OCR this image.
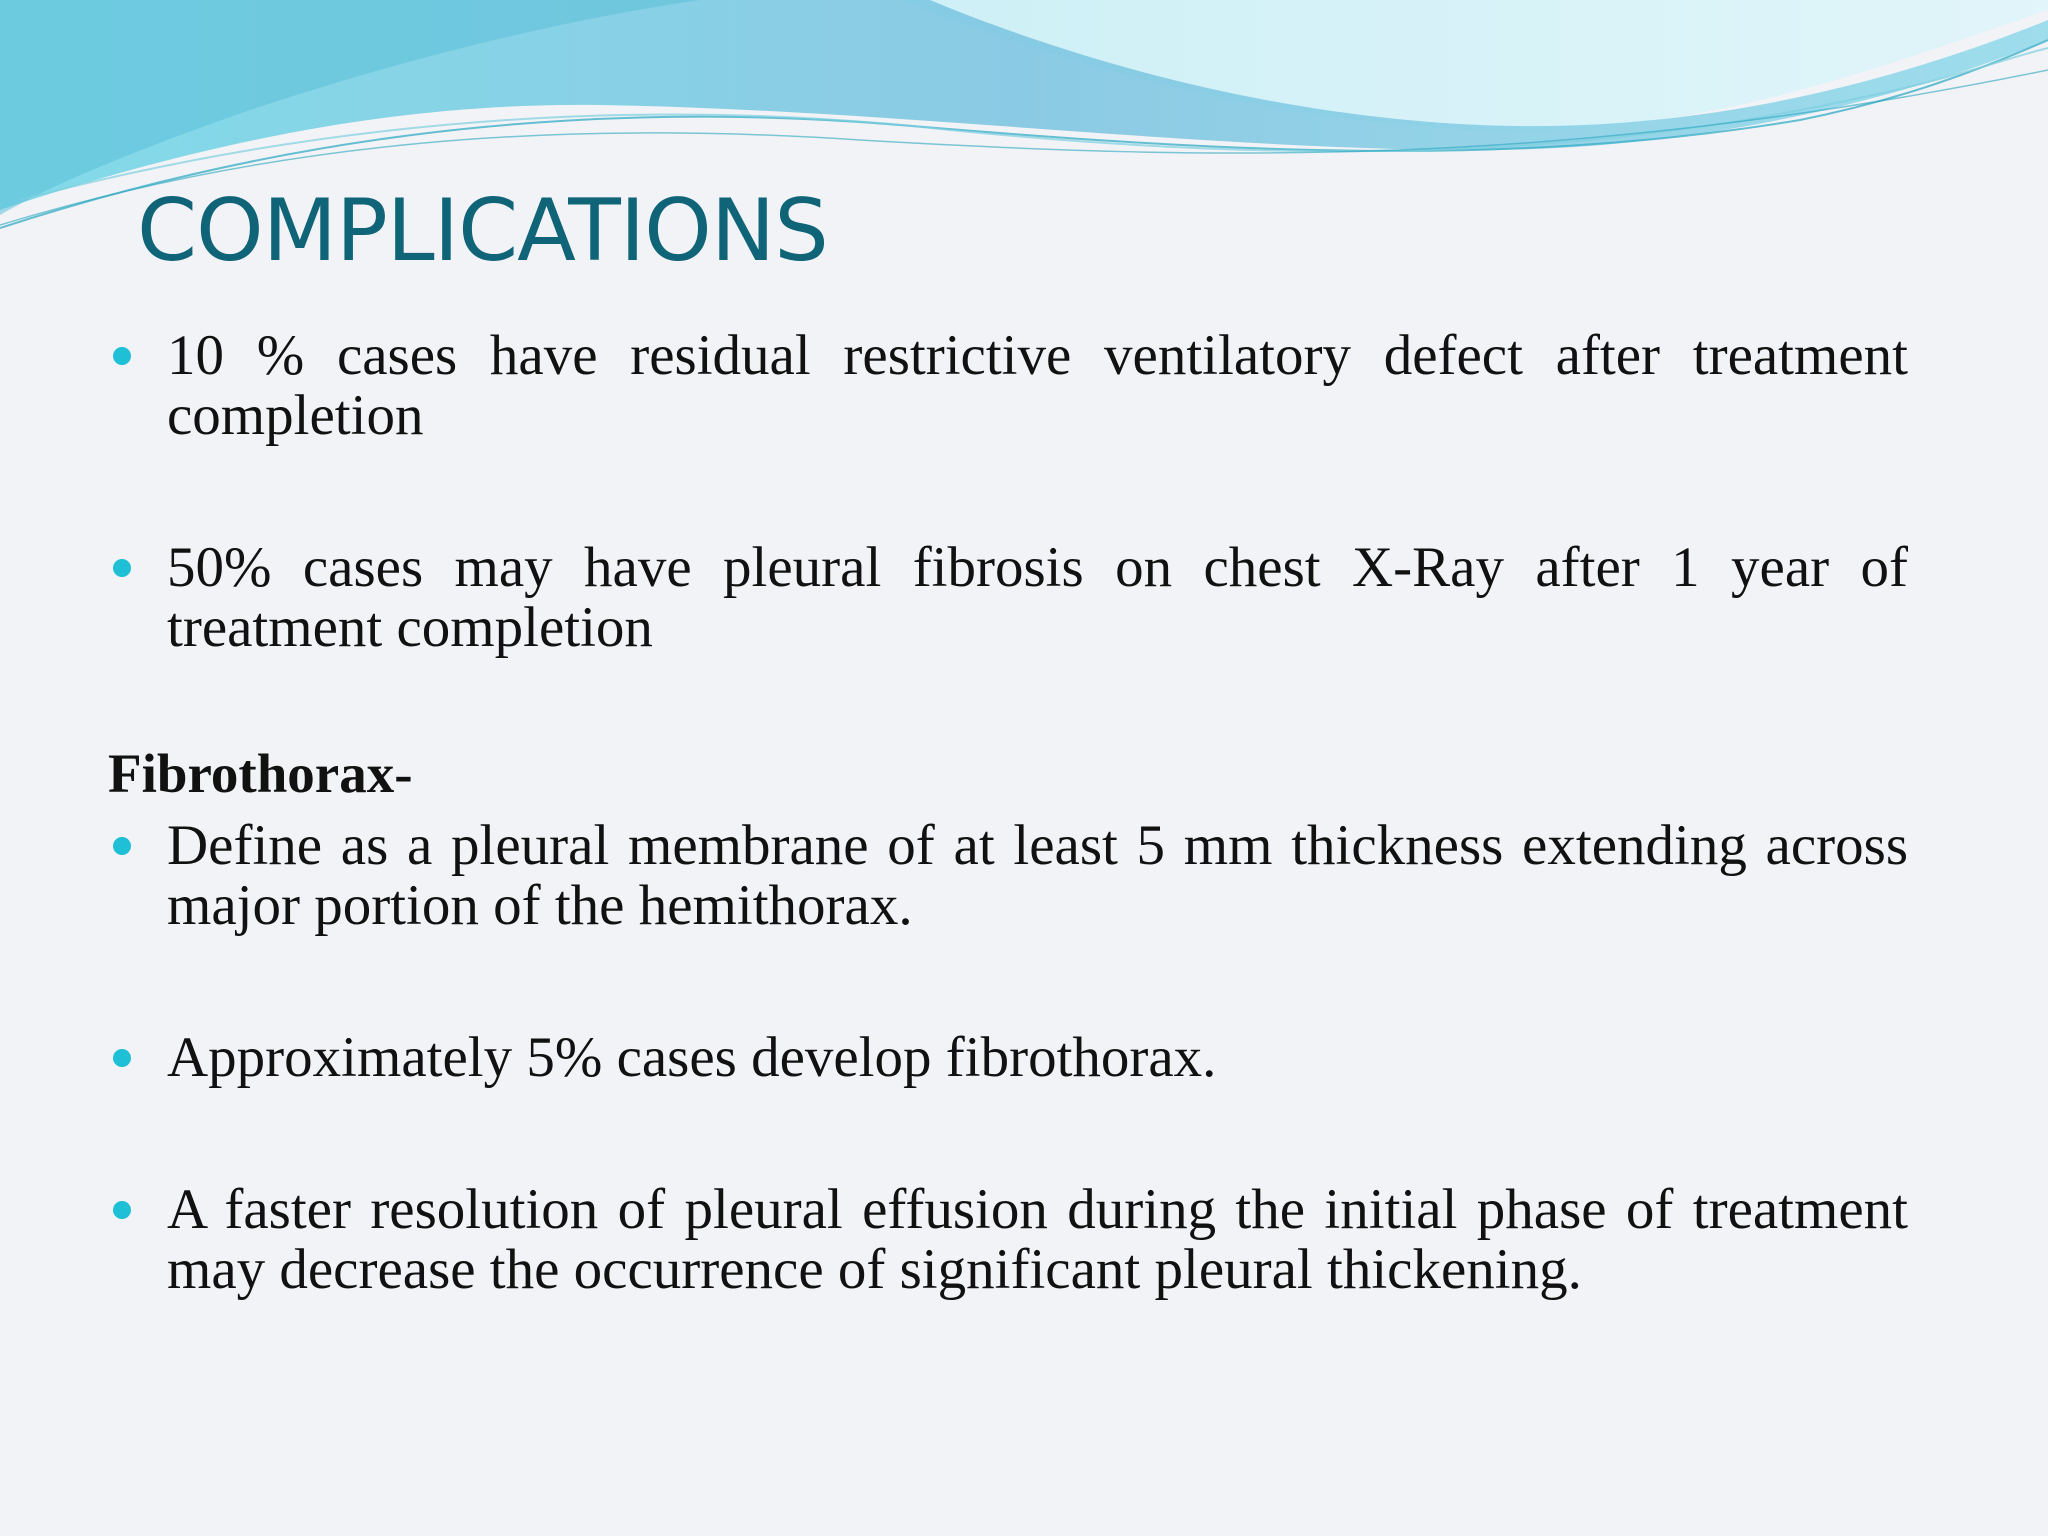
COMPLICATIONS
10 % cases have residual restrictive ventilatory defect after treatment completion
50% cases may have pleural fibrosis on chest X-Ray after 1 year of treatment completion
Fibrothorax-
Define as a pleural membrane of at least 5 mm thickness extending across major portion of the hemithorax.
Approximately 5% cases develop fibrothorax.
A faster resolution of pleural effusion during the initial phase of treatment may decrease the occurrence of significant pleural thickening.
